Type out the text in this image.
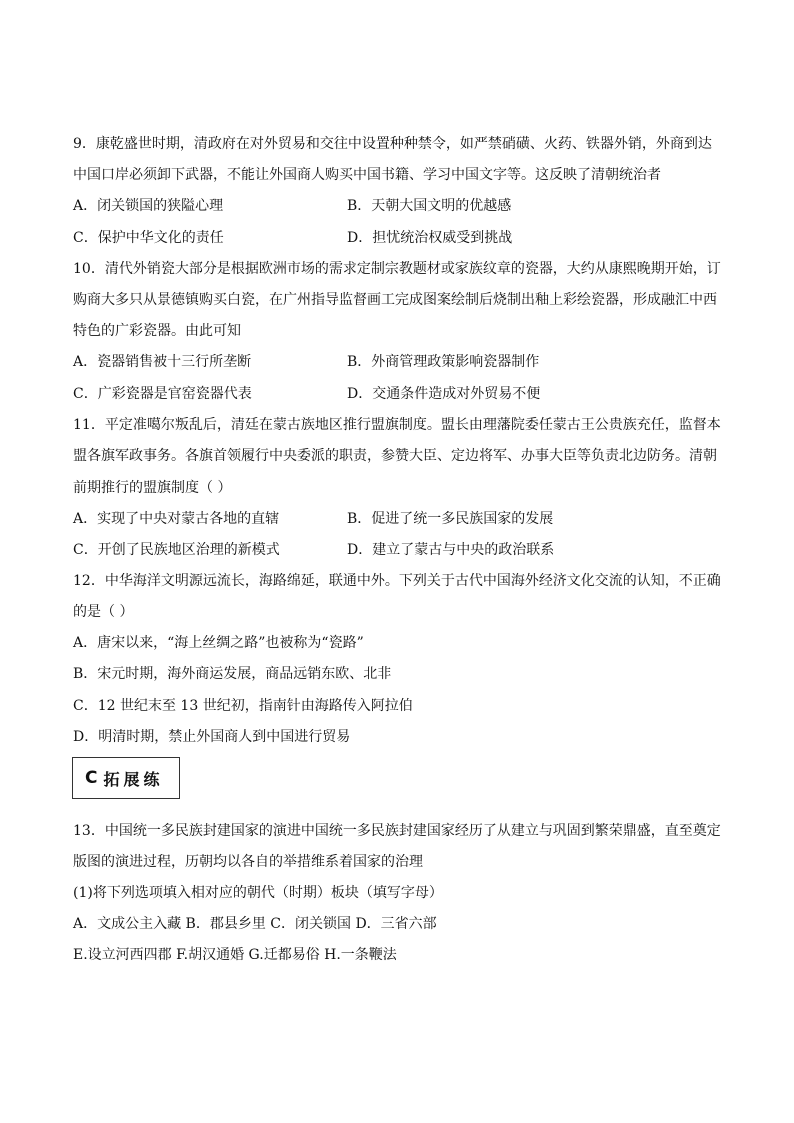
9．康乾盛世时期，清政府在对外贸易和交往中设置种种禁令，如严禁硝磺、火药、铁器外销，外商到达
中国口岸必须卸下武器，不能让外国商人购买中国书籍、学习中国文字等。这反映了清朝统治者
A．闭关锁国的狭隘心理	B．天朝大国文明的优越感
C．保护中华文化的责任	D．担忧统治权威受到挑战
10．清代外销瓷大部分是根据欧洲市场的需求定制宗教题材或家族纹章的瓷器，大约从康熙晚期开始，订
购商大多只从景德镇购买白瓷，在广州指导监督画工完成图案绘制后烧制出釉上彩绘瓷器，形成融汇中西
特色的广彩瓷器。由此可知
A．瓷器销售被十三行所垄断	B．外商管理政策影响瓷器制作
C．广彩瓷器是官窑瓷器代表	D．交通条件造成对外贸易不便
11．平定准噶尔叛乱后，清廷在蒙古族地区推行盟旗制度。盟长由理藩院委任蒙古王公贵族充任，监督本
盟各旗军政事务。各旗首领履行中央委派的职责，参赞大臣、定边将军、办事大臣等负责北边防务。清朝
前期推行的盟旗制度（ ）
A．实现了中央对蒙古各地的直辖	B．促进了统一多民族国家的发展
C．开创了民族地区治理的新模式	D．建立了蒙古与中央的政治联系
12．中华海洋文明源远流长，海路绵延，联通中外。下列关于古代中国海外经济文化交流的认知，不正确
的是（ ）
A．唐宋以来，“海上丝绸之路”也被称为“瓷路”
B．宋元时期，海外商运发展，商品远销东欧、北非
C．12 世纪末至 13 世纪初，指南针由海路传入阿拉伯
D．明清时期，禁止外国商人到中国进行贸易
C 拓展练
13．中国统一多民族封建国家的演进中国统一多民族封建国家经历了从建立与巩固到繁荣鼎盛，直至奠定
版图的演进过程，历朝均以各自的举措维系着国家的治理
(1)将下列选项填入相对应的朝代（时期）板块（填写字母）
A．文成公主入藏 B．郡县乡里 C．闭关锁国 D．三省六部
E.设立河西四郡 F.胡汉通婚 G.迁都易俗 H.一条鞭法
